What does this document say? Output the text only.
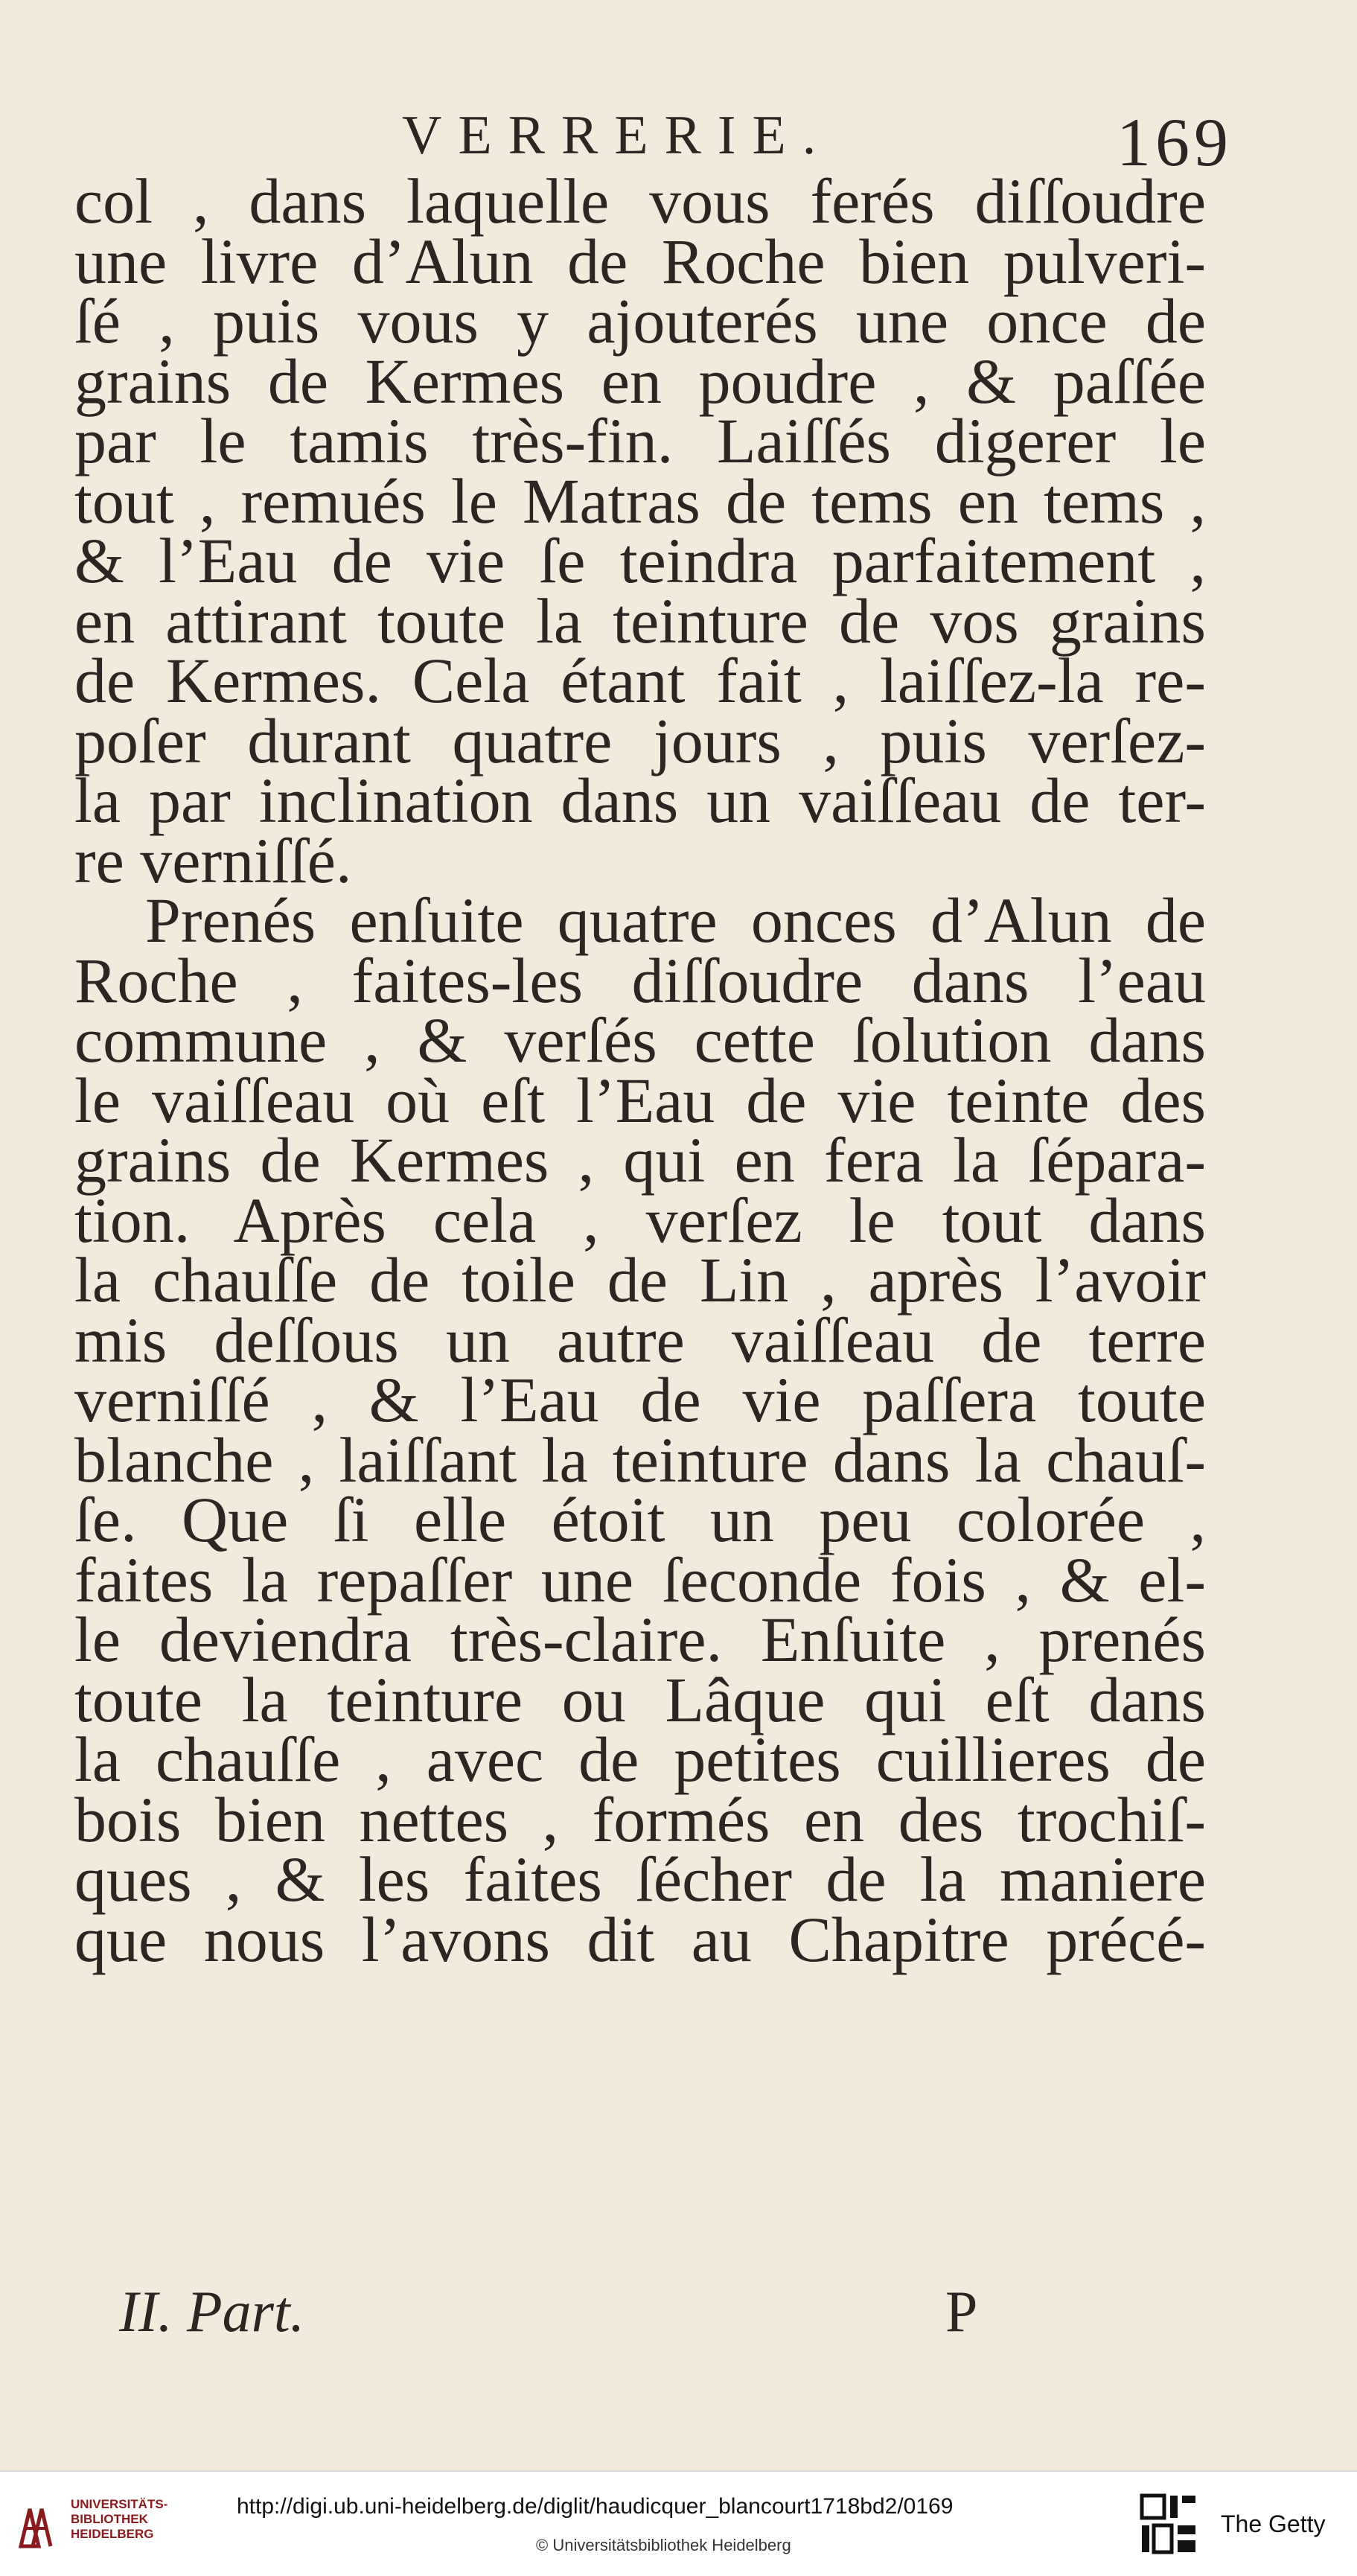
VERRERIE.	169
col , dans laquelle vous ferés diſſoudre
une livre d’Alun de Roche bien pulveri-
ſé , puis vous y ajouterés une once de
grains de Kermes en poudre , & paſſée
par le tamis très-fin. Laiſſés digerer le
tout , remués le Matras de tems en tems ,
& l’Eau de vie ſe teindra parfaitement ,
en attirant toute la teinture de vos grains
de Kermes. Cela étant fait , laiſſez-la re-
poſer durant quatre jours , puis verſez-
la par inclination dans un vaiſſeau de ter-
re verniſſé.
Prenés enſuite quatre onces d’Alun de
Roche , faites-les diſſoudre dans l’eau
commune , & verſés cette ſolution dans
le vaiſſeau où eſt l’Eau de vie teinte des
grains de Kermes , qui en fera la ſépara-
tion. Après cela , verſez le tout dans
la chauſſe de toile de Lin , après l’avoir
mis deſſous un autre vaiſſeau de terre
verniſſé , & l’Eau de vie paſſera toute
blanche , laiſſant la teinture dans la chauſ-
ſe. Que ſi elle étoit un peu colorée ,
faites la repaſſer une ſeconde fois , & el-
le deviendra très-claire. Enſuite , prenés
toute la teinture ou Lâque qui eſt dans
la chauſſe , avec de petites cuillieres de
bois bien nettes , formés en des trochiſ-
ques , & les faites ſécher de la maniere
que nous l’avons dit au Chapitre précé-
II. Part.	P
UNIVERSITÄTS-
BIBLIOTHEK
HEIDELBERG
http://digi.ub.uni-heidelberg.de/diglit/haudicquer_blancourt1718bd2/0169
© Universitätsbibliothek Heidelberg
The Getty
